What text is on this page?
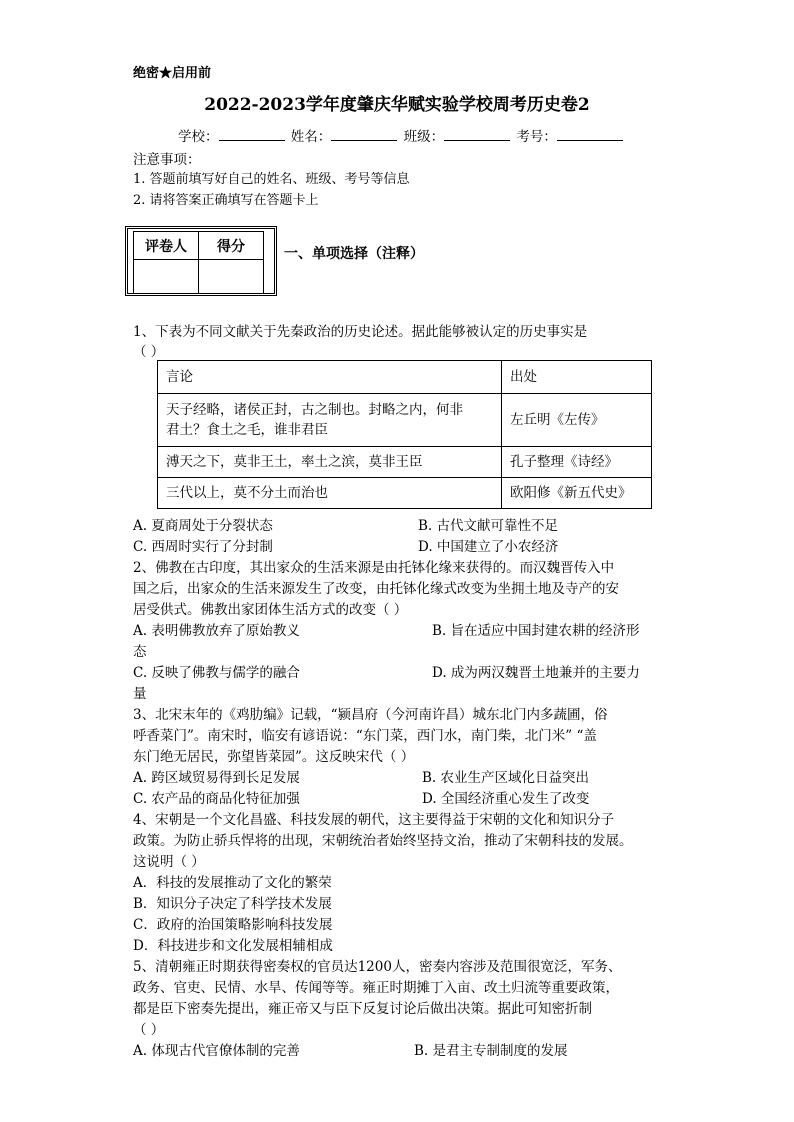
绝密★启用前
2022-2023学年度肇庆华赋实验学校周考历史卷2
学校：	姓名：	班级：	考号：
注意事项：
1. 答题前填写好自己的姓名、班级、考号等信息
2. 请将答案正确填写在答题卡上
评卷人	得分
		一、单项选择（注释）
1、下表为不同文献关于先秦政治的历史论述。据此能够被认定的历史事实是
（ ）
言论	出处

天子经略，诸侯正封，古之制也。封略之内，何非
君土？食土之毛，谁非君臣	左丘明《左传》
溥天之下，莫非王土，率土之滨，莫非王臣	孔子整理《诗经》
三代以上，莫不分土而治也	欧阳修《新五代史》
A. 夏商周处于分裂状态	B. 古代文献可靠性不足
C. 西周时实行了分封制	D. 中国建立了小农经济
2、佛教在古印度，其出家众的生活来源是由托钵化缘来获得的。而汉魏晋传入中
国之后，出家众的生活来源发生了改变，由托钵化缘式改变为坐拥土地及寺产的安
居受供式。佛教出家团体生活方式的改变（ ）
A. 表明佛教放弃了原始教义	B. 旨在适应中国封建农耕的经济形
态
C. 反映了佛教与儒学的融合	D. 成为两汉魏晋土地兼并的主要力
量
3、北宋末年的《鸡肋编》记载，“颍昌府（今河南许昌）城东北门内多蔬圃，俗
呼香菜门”。南宋时，临安有谚语说：“东门菜，西门水，南门柴，北门米” “盖
东门绝无居民，弥望皆菜园”。这反映宋代（ ）
A. 跨区域贸易得到长足发展	B. 农业生产区域化日益突出
C. 农产品的商品化特征加强	D. 全国经济重心发生了改变
4、宋朝是一个文化昌盛、科技发展的朝代，这主要得益于宋朝的文化和知识分子
政策。为防止骄兵悍将的出现，宋朝统治者始终坚持文治，推动了宋朝科技的发展。
这说明（ ）
A．科技的发展推动了文化的繁荣
B．知识分子决定了科学技术发展
C．政府的治国策略影响科技发展
D．科技进步和文化发展相辅相成
5、清朝雍正时期获得密奏权的官员达1200人，密奏内容涉及范围很宽泛，军务、
政务、官吏、民情、水旱、传闻等等。雍正时期摊丁入亩、改土归流等重要政策，
都是臣下密奏先提出，雍正帝又与臣下反复讨论后做出决策。据此可知密折制
（ ）
A. 体现古代官僚体制的完善	B. 是君主专制制度的发展
